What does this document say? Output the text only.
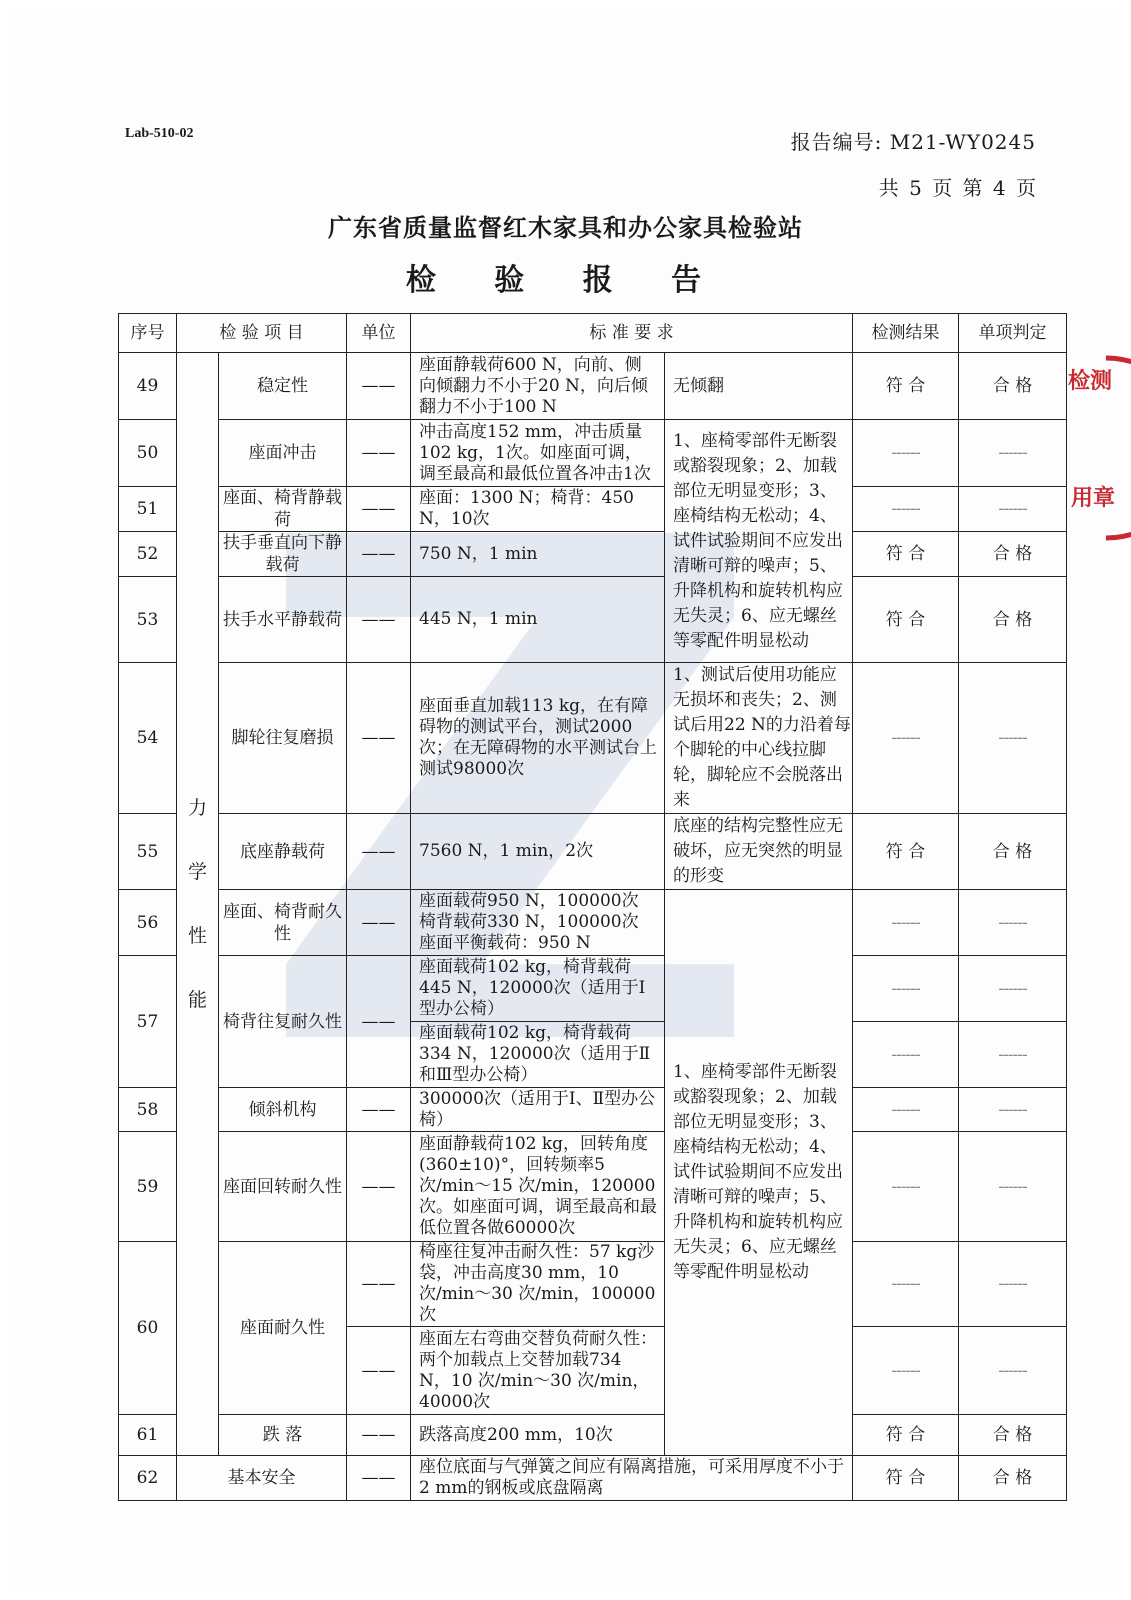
Lab-510-02	报告编号: M21-WY0245
共 5 页 第 4 页
广东省质量监督红木家具和办公家具检验站
检 验 报 告
检测
用章
序号	检 验 项 目		单位	标 准 要 求		检测结果	单项判定
49	力学性能	稳定性	——	座面静载荷600 N，向前、侧向倾翻力不小于20 N，向后倾翻力不小于100 N	无倾翻	符 合	合 格
50		座面冲击	——	冲击高度152 mm，冲击质量102 kg，1次。如座面可调，调至最高和最低位置各冲击1次	1、座椅零部件无断裂或豁裂现象；2、加载部位无明显变形；3、座椅结构无松动；4、试件试验期间不应发出清晰可辩的噪声；5、升降机构和旋转机构应无失灵；6、应无螺丝等零配件明显松动	------	------
51		座面、椅背静载荷	——	座面：1300 N；椅背：450 N，10次		------	------
52		扶手垂直向下静载荷	——	750 N，1 min		符 合	合 格
53		扶手水平静载荷	——	445 N，1 min		符 合	合 格
54		脚轮往复磨损	——	座面垂直加载113 kg，在有障碍物的测试平台，测试2000次；在无障碍物的水平测试台上测试98000次	1、测试后使用功能应无损坏和丧失；2、测试后用22 N的力沿着每个脚轮的中心线拉脚轮，脚轮应不会脱落出来	------	------
55		底座静载荷	——	7560 N，1 min，2次	底座的结构完整性应无破坏，应无突然的明显的形变	符 合	合 格
56		座面、椅背耐久性	——	座面载荷950 N，100000次 椅背载荷330 N，100000次 座面平衡载荷：950 N	1、座椅零部件无断裂或豁裂现象；2、加载部位无明显变形；3、座椅结构无松动；4、试件试验期间不应发出清晰可辩的噪声；5、升降机构和旋转机构应无失灵；6、应无螺丝等零配件明显松动	------	------
57		椅背往复耐久性	——	座面载荷102 kg，椅背载荷445 N，120000次（适用于Ⅰ型办公椅）		------	------
				座面载荷102 kg，椅背载荷334 N，120000次（适用于Ⅱ和Ⅲ型办公椅）		------	------
58		倾斜机构	——	300000次（适用于Ⅰ、Ⅱ型办公椅）		------	------
59		座面回转耐久性	——	座面静载荷102 kg，回转角度(360±10)°，回转频率5次/min～15 次/min，120000次。如座面可调，调至最高和最低位置各做60000次		------	------
60		座面耐久性	——	椅座往复冲击耐久性：57 kg沙袋，冲击高度30 mm，10 次/min～30 次/min，100000次		------	------
			——	座面左右弯曲交替负荷耐久性：两个加载点上交替加载734 N，10 次/min～30 次/min，40000次		------	------
61		跌 落	——	跌落高度200 mm，10次		符 合	合 格
62	基本安全		——	座位底面与气弹簧之间应有隔离措施，可采用厚度不小于2 mm的钢板或底盘隔离		符 合	合 格
